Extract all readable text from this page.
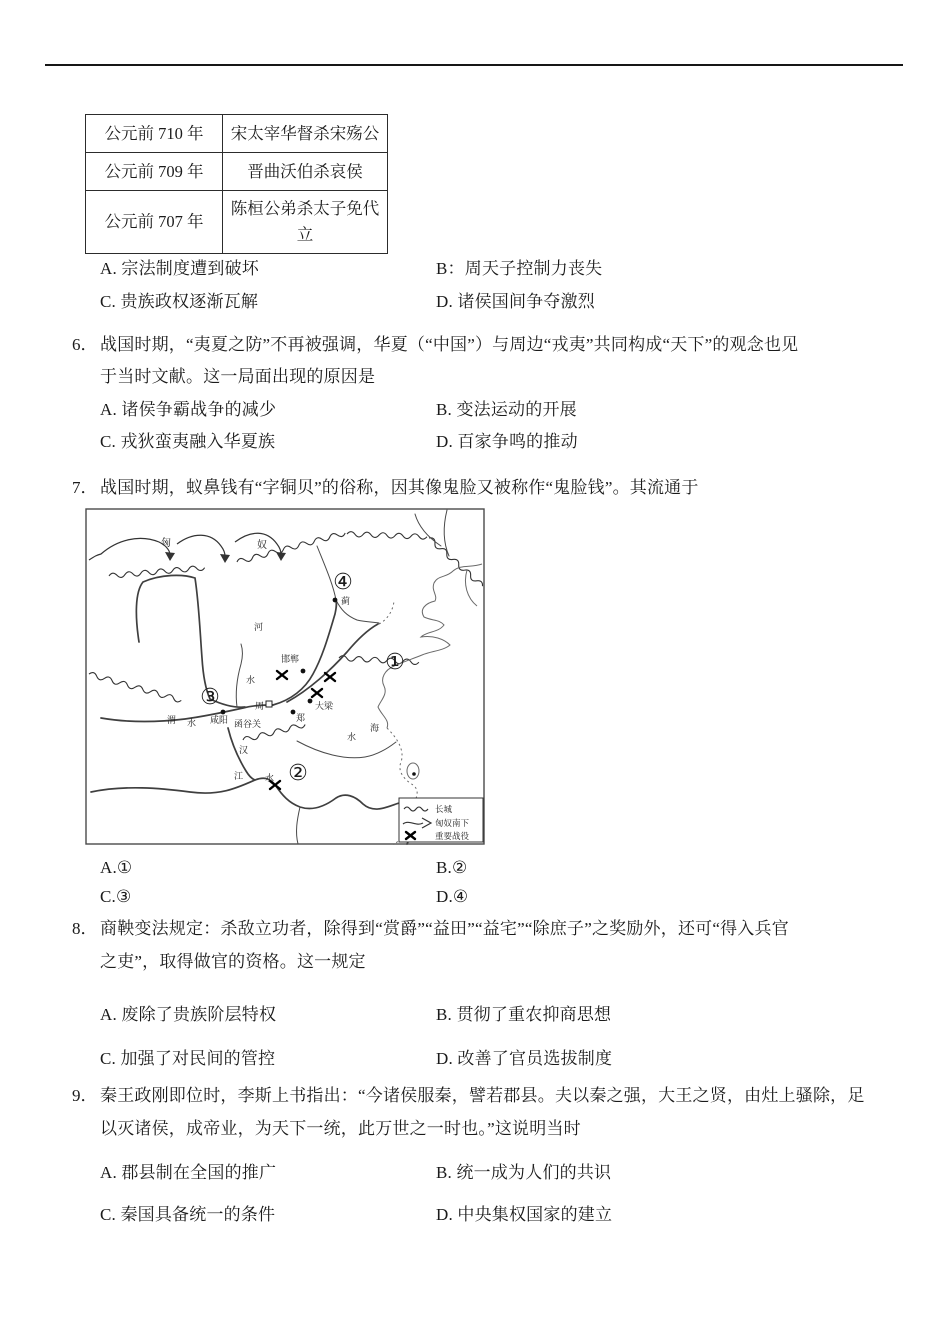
公元前 710 年	宋太宰华督杀宋殇公
公元前 709 年	晋曲沃伯杀哀侯
公元前 707 年	陈桓公弟杀太子免代立
A. 宗法制度遭到破坏	B：周天子控制力丧失
C. 贵族政权逐渐瓦解	D. 诸侯国间争夺激烈
6． 战国时期，“夷夏之防”不再被强调，华夏（“中国”）与周边“戎夷”共同构成“天下”的观念也见
于当时文献。这一局面出现的原因是
A. 诸侯争霸战争的减少	B. 变法运动的开展
C. 戎狄蛮夷融入华夏族	D. 百家争鸣的推动
7． 战国时期，蚁鼻钱有“字铜贝”的俗称，因其像鬼脸又被称作“鬼脸钱”。其流通于
匈	奴
蓟
邯郸
大梁
郑
咸阳 函谷关
周
河
水
渭 水
汉
江 水
水
海
①
②
③
④
长城
匈奴南下
重要战役
A.①	B.②
C.③	D.④
8． 商鞅变法规定：杀敌立功者，除得到“赏爵”“益田”“益宅”“除庶子”之奖励外，还可“得入兵官
之吏”，取得做官的资格。这一规定
A. 废除了贵族阶层特权	B. 贯彻了重农抑商思想
C. 加强了对民间的管控	D. 改善了官员选拔制度
9． 秦王政刚即位时，李斯上书指出：“今诸侯服秦，譬若郡县。夫以秦之强，大王之贤，由灶上骚除，足
以灭诸侯，成帝业，为天下一统，此万世之一时也。”这说明当时
A. 郡县制在全国的推广	B. 统一成为人们的共识
C. 秦国具备统一的条件	D. 中央集权国家的建立
